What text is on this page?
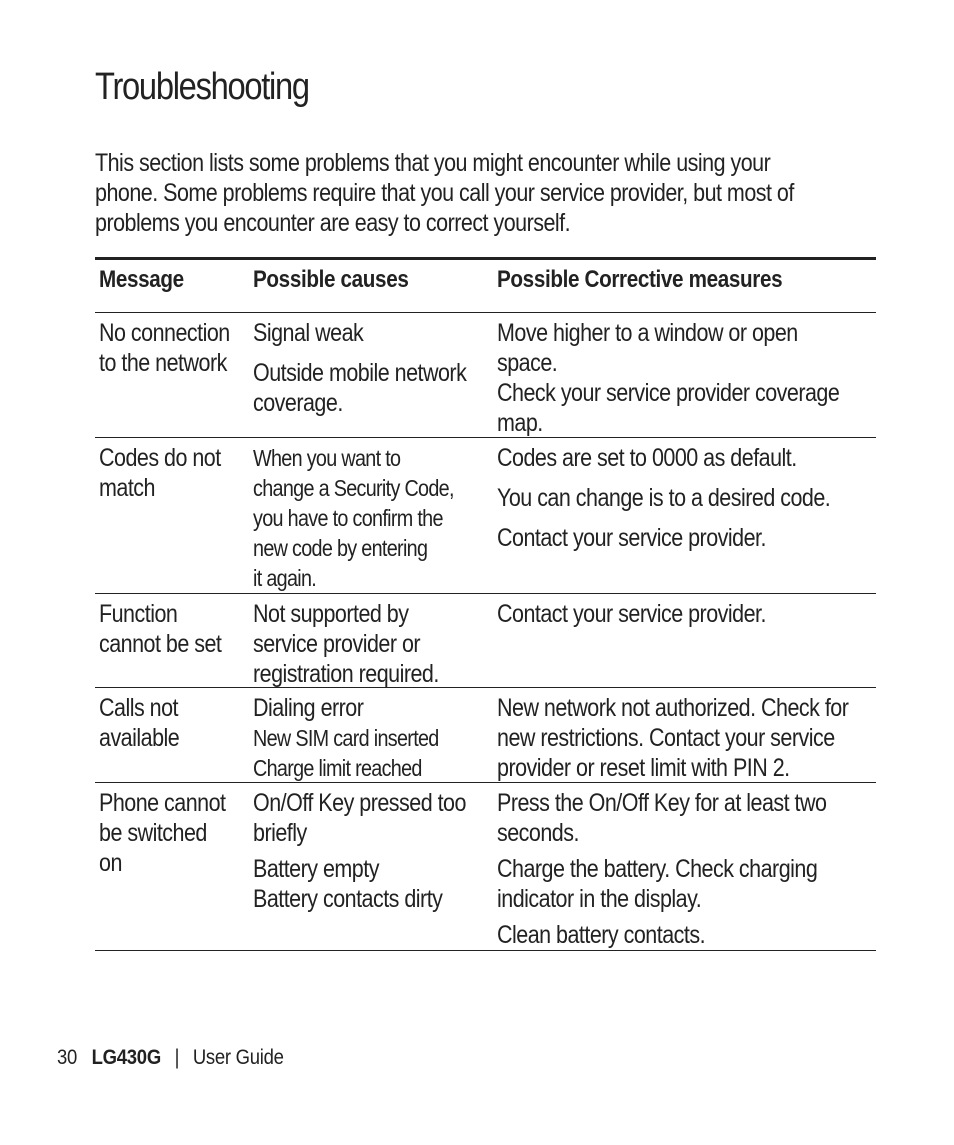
Troubleshooting
This section lists some problems that you might encounter while using your
phone. Some problems require that you call your service provider, but most of
problems you encounter are easy to correct yourself.
Message	Possible causes	Possible Corrective measures
No connection
to the network
Signal weak
Outside mobile network
coverage.
Move higher to a window or open
space.
Check your service provider coverage
map.
Codes do not
match
When you want to
change a Security Code,
you have to confirm the
new code by entering
it again.
Codes are set to 0000 as default.
You can change is to a desired code.
Contact your service provider.
Function
cannot be set
Not supported by
service provider or
registration required.
Contact your service provider.
Calls not
available
Dialing error
New SIM card inserted
Charge limit reached
New network not authorized. Check for
new restrictions. Contact your service
provider or reset limit with PIN 2.
Phone cannot
be switched
on
On/Off Key pressed too
briefly
Battery empty
Battery contacts dirty
Press the On/Off Key for at least two
seconds.
Charge the battery. Check charging
indicator in the display.
Clean battery contacts.
30 LG430G | User Guide
